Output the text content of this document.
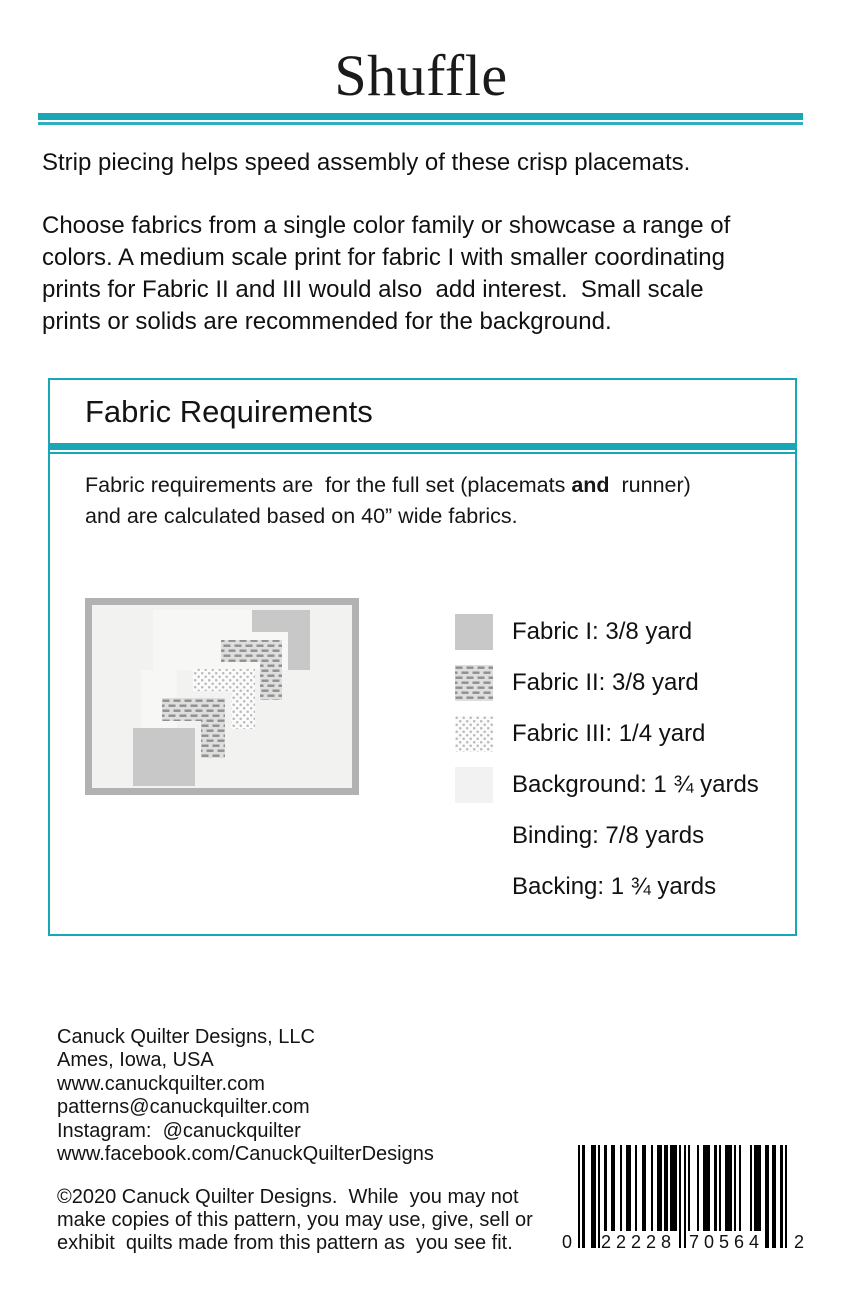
Shuffle

Strip piecing helps speed assembly of these crisp placemats.

Choose fabrics from a single color family or showcase a range of
colors. A medium scale print for fabric I with smaller coordinating
prints for Fabric II and III would also  add interest.  Small scale
prints or solids are recommended for the background.
Fabric Requirements
Fabric requirements are  for the full set (placemats and  runner)
and are calculated based on 40” wide fabrics.
Fabric I: 3/8 yard
Fabric II: 3/8 yard
Fabric III: 1/4 yard
Background: 1 ¾ yards
Binding: 7/8 yards
Backing: 1 ¾ yards
Canuck Quilter Designs, LLC
Ames, Iowa, USA
www.canuckquilter.com
patterns@canuckquilter.com
Instagram:  @canuckquilter
www.facebook.com/CanuckQuilterDesigns
©2020 Canuck Quilter Designs.  While  you may not
make copies of this pattern, you may use, give, sell or
exhibit  quilts made from this pattern as  you see fit.	0 22228 70564 2
